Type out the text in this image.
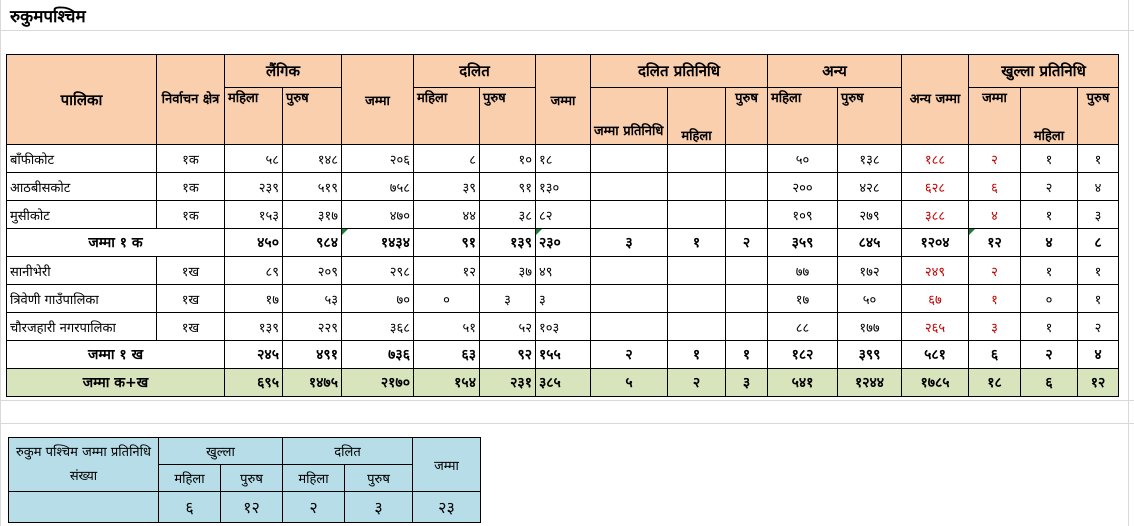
रुकुमपश्चिम
पालिका	निर्वाचन क्षेत्र	लैंगिक		जम्मा	दलित		जम्मा	दलित प्रतिनिधि			अन्य		अन्य जम्मा	खुल्ला प्रतिनिधि		
		महिला	पुरुष		महिला	पुरुष		जम्मा प्रतिनिधि	महिला	पुरुष	महिला	पुरुष		जम्मा	महिला	पुरुष
बाँफीकोट	१क	५८	१४८	२०६	८	१०	१८				५०	१३८	१८८	२	१	१
आठबीसकोट	१क	२३९	५१९	७५८	३९	९१	१३०				२००	४२८	६२८	६	२	४
मुसीकोट	१क	१५३	३१७	४७०	४४	३८	८२				१०९	२७९	३८८	४	१	३
जम्मा १ क		४५०	९८४	१४३४	९१	१३९	२३०	३	१	२	३५९	८४५	१२०४	१२	४	८
सानीभेरी	१ख	८९	२०९	२९८	१२	३७	४९				७७	१७२	२४९	२	१	१
त्रिवेणी गाउँपालिका	१ख	१७	५३	७०	०	३	३				१७	५०	६७	१	०	१
चौरजहारी नगरपालिका	१ख	१३९	२२९	३६८	५१	५२	१०३				८८	१७७	२६५	३	१	२
जम्मा १ ख		२४५	४९१	७३६	६३	९२	१५५	२	१	१	१८२	३९९	५८१	६	२	४
जम्मा क+ख		६९५	१४७५	२१७०	१५४	२३१	३८५	५	२	३	५४१	१२४४	१७८५	१८	६	१२
रुकुम पश्चिम जम्मा प्रतिनिधि संख्या	खुल्ला		दलित		जम्मा
	महिला	पुरुष	महिला	पुरुष	
	६	१२	२	३	२३
